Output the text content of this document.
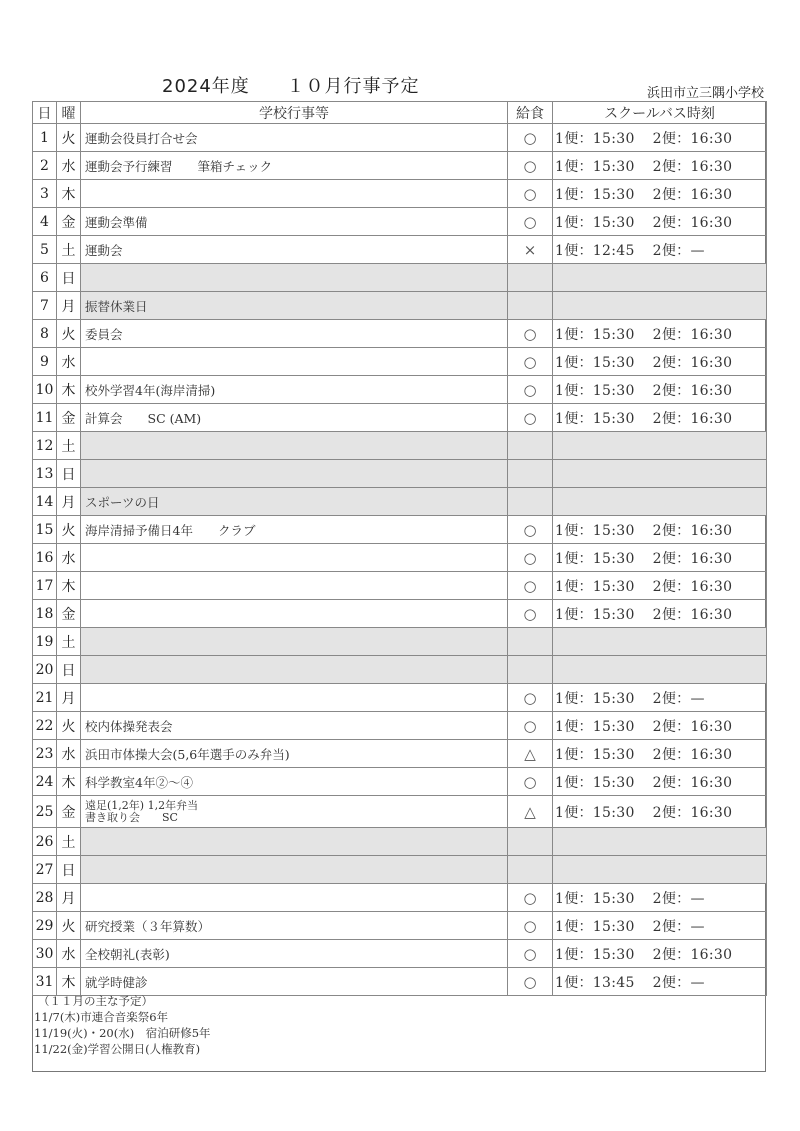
2024年度 １０月行事予定	浜田市立三隅小学校
日	曜	学校行事等	給食	スクールバス時刻
1	火	運動会役員打合せ会	○	1便：15:30 2便：16:30
2	水	運動会予行練習　　筆箱チェック	○	1便：15:30 2便：16:30
3	木		○	1便：15:30 2便：16:30
4	金	運動会準備	○	1便：15:30 2便：16:30
5	土	運動会	×	1便：12:45 2便：—
6	日			
7	月	振替休業日		
8	火	委員会	○	1便：15:30 2便：16:30
9	水		○	1便：15:30 2便：16:30
10	木	校外学習4年(海岸清掃)	○	1便：15:30 2便：16:30
11	金	計算会　　SC (AM)	○	1便：15:30 2便：16:30
12	土			
13	日			
14	月	スポーツの日		
15	火	海岸清掃予備日4年　　クラブ	○	1便：15:30 2便：16:30
16	水		○	1便：15:30 2便：16:30
17	木		○	1便：15:30 2便：16:30
18	金		○	1便：15:30 2便：16:30
19	土			
20	日			
21	月		○	1便：15:30 2便：—
22	火	校内体操発表会	○	1便：15:30 2便：16:30
23	水	浜田市体操大会(5,6年選手のみ弁当)	△	1便：15:30 2便：16:30
24	木	科学教室4年②～④	○	1便：15:30 2便：16:30
25	金	遠足(1,2年) 1,2年弁当
書き取り会　　SC	△	1便：15:30 2便：16:30
26	土			
27	日			
28	月		○	1便：15:30 2便：—
29	火	研究授業（３年算数）	○	1便：15:30 2便：—
30	水	全校朝礼(表彰)	○	1便：15:30 2便：16:30
31	木	就学時健診	○	1便：13:45 2便：—
（１１月の主な予定）
11/7(木)市連合音楽祭6年
11/19(火)・20(水)　宿泊研修5年
11/22(金)学習公開日(人権教育)
